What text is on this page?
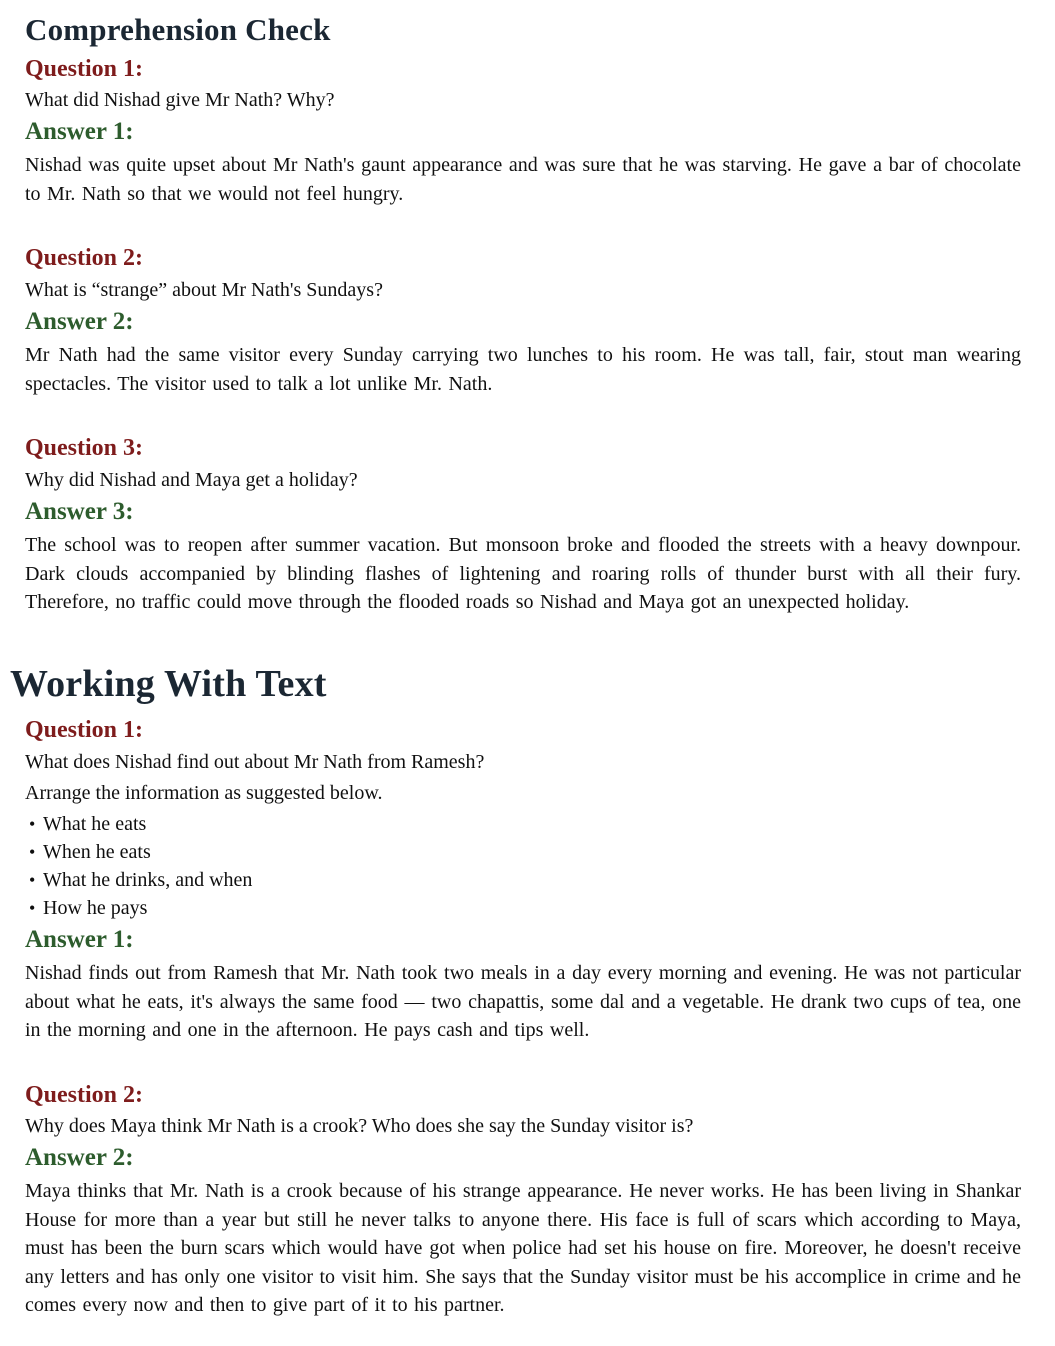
Comprehension Check
Question 1:

What did Nishad give Mr Nath? Why?

Answer 1:

Nishad was quite upset about Mr Nath's gaunt appearance and was sure that he was starving. He gave a bar of chocolate to Mr. Nath so that we would not feel hungry.

Question 2:

What is “strange” about Mr Nath's Sundays?

Answer 2:

Mr Nath had the same visitor every Sunday carrying two lunches to his room. He was tall, fair, stout man wearing spectacles. The visitor used to talk a lot unlike Mr. Nath.

Question 3:

Why did Nishad and Maya get a holiday?

Answer 3:

The school was to reopen after summer vacation. But monsoon broke and flooded the streets with a heavy downpour. Dark clouds accompanied by blinding flashes of lightening and roaring rolls of thunder burst with all their fury. Therefore, no traffic could move through the flooded roads so Nishad and Maya got an unexpected holiday.

Working With Text
Question 1:

What does Nishad find out about Mr Nath from Ramesh?

Arrange the information as suggested below.

• What he eats
• When he eats
• What he drinks, and when
• How he pays
Answer 1:

Nishad finds out from Ramesh that Mr. Nath took two meals in a day every morning and evening. He was not particular about what he eats, it's always the same food — two chapattis, some dal and a vegetable. He drank two cups of tea, one in the morning and one in the afternoon. He pays cash and tips well.

Question 2:

Why does Maya think Mr Nath is a crook? Who does she say the Sunday visitor is?

Answer 2:

Maya thinks that Mr. Nath is a crook because of his strange appearance. He never works. He has been living in Shankar House for more than a year but still he never talks to anyone there. His face is full of scars which according to Maya, must has been the burn scars which would have got when police had set his house on fire. Moreover, he doesn't receive any letters and has only one visitor to visit him. She says that the Sunday visitor must be his accomplice in crime and he comes every now and then to give part of it to his partner.
